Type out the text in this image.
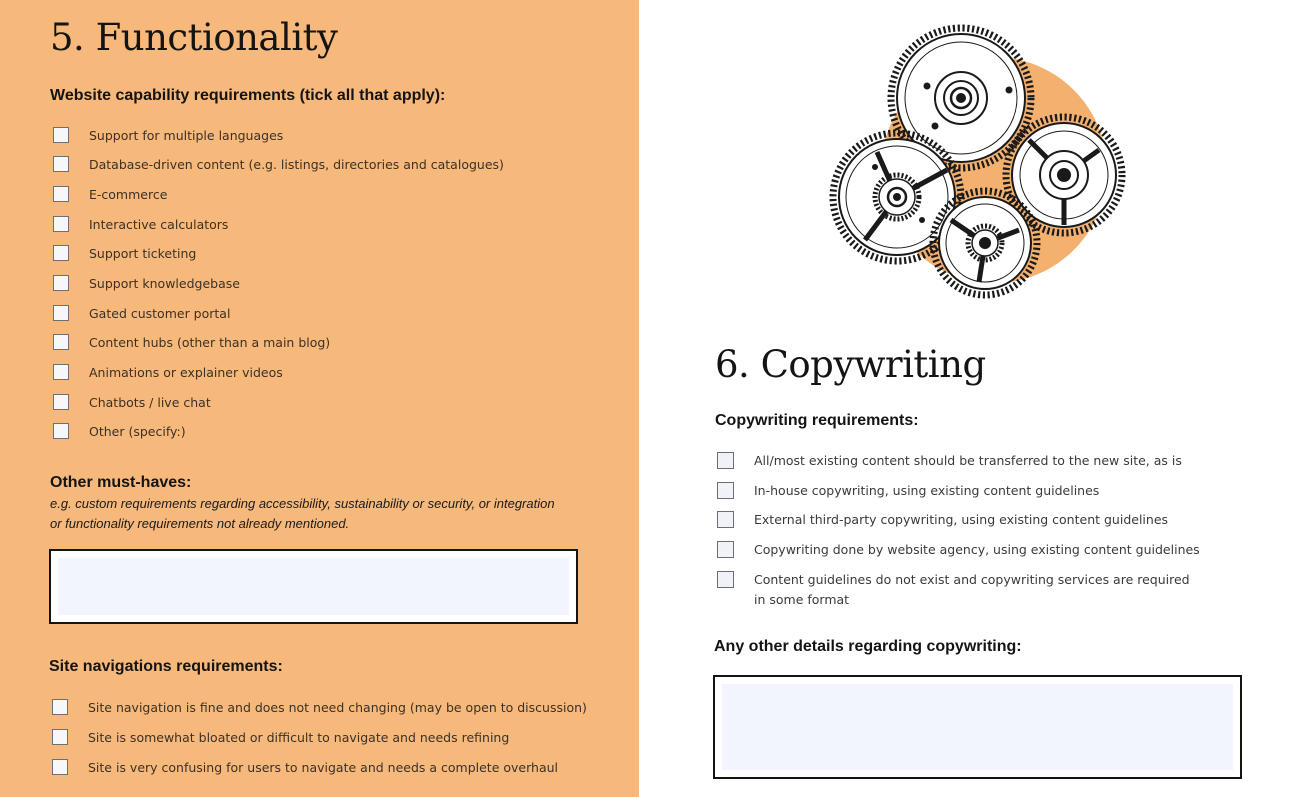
5. Functionality
Website capability requirements (tick all that apply):
Support for multiple languages
Database-driven content (e.g. listings, directories and catalogues)
E-commerce
Interactive calculators
Support ticketing
Support knowledgebase
Gated customer portal
Content hubs (other than a main blog)
Animations or explainer videos
Chatbots / live chat
Other (specify:)
Other must-haves:

e.g. custom requirements regarding accessibility, sustainability or security, or integration

or functionality requirements not already mentioned.

Site navigations requirements:
Site navigation is fine and does not need changing (may be open to discussion)
Site is somewhat bloated or difficult to navigate and needs refining
Site is very confusing for users to navigate and needs a complete overhaul
6. Copywriting
Copywriting requirements:
All/most existing content should be transferred to the new site, as is
In-house copywriting, using existing content guidelines
External third-party copywriting, using existing content guidelines
Copywriting done by website agency, using existing content guidelines
Content guidelines do not exist and copywriting services are required
in some format
Any other details regarding copywriting:
